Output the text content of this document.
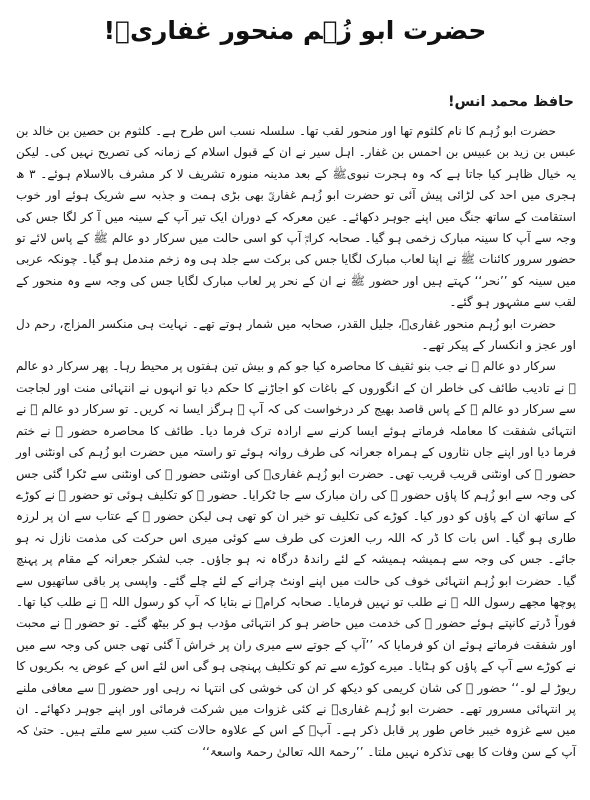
حضرت ابو زُہم منحور غفاریؓ!
حافظ محمد انس!

حضرت ابو زُہم کا نام کلثوم تھا اور منحور لقب تھا۔ سلسلہ نسب اس طرح ہے۔ کلثوم بن حصین بن خالد بن عبس بن زید بن عبیس بن احمس بن غفار۔ اہل سیر نے ان کے قبول اسلام کے زمانہ کی تصریح نہیں کی۔ لیکن یہ خیال ظاہر کیا جاتا ہے کہ وہ ہجرت نبویﷺ کے بعد مدینہ منورہ تشریف لا کر مشرف بالاسلام ہوئے۔ ۳ ھ ہجری میں احد کی لڑائی پیش آئی تو حضرت ابو زُہم غفاریؓ بھی بڑی ہمت و جذبہ سے شریک ہوئے اور خوب استقامت کے ساتھ جنگ میں اپنے جوہر دکھائے۔ عین معرکہ کے دوران ایک تیر آپ کے سینہ میں آ کر لگا جس کی وجہ سے آپ کا سینہ مبارک زخمی ہو گیا۔ صحابہ کرامؓ آپ کو اسی حالت میں سرکار دو عالم ﷺ کے پاس لائے تو حضور سرور کائنات ﷺ نے اپنا لعاب مبارک لگایا جس کی برکت سے جلد ہی وہ زخم مندمل ہو گیا۔ چونکہ عربی میں سینہ کو ’’نحر‘‘ کہتے ہیں اور حضور ﷺ نے ان کے نحر پر لعاب مبارک لگایا جس کی وجہ سے وہ منحور کے لقب سے مشہور ہو گئے۔

حضرت ابو زُہم منحور غفاریؓ، جلیل القدر، صحابہ میں شمار ہوتے تھے۔ نہایت ہی منکسر المزاج، رحم دل اور عجز و انکسار کے پیکر تھے۔

سرکار دو عالم ﷺ نے جب بنو ثقیف کا محاصرہ کیا جو کم و بیش تین ہفتوں پر محیط رہا۔ پھر سرکار دو عالم ﷺ نے تادیب طائف کی خاطر ان کے انگوروں کے باغات کو اجاڑنے کا حکم دیا تو انہوں نے انتہائی منت اور لجاجت سے سرکار دو عالم ﷺ کے پاس قاصد بھیج کر درخواست کی کہ آپ ﷺ ہرگز ایسا نہ کریں۔ تو سرکار دو عالم ﷺ نے انتہائی شفقت کا معاملہ فرماتے ہوئے ایسا کرنے سے ارادہ ترک فرما دیا۔ طائف کا محاصرہ حضور ﷺ نے ختم فرما دیا اور اپنے جاں نثاروں کے ہمراہ جعرانہ کی طرف روانہ ہوئے تو راستہ میں حضرت ابو زُہم کی اونٹنی اور حضور ﷺ کی اونٹنی قریب قریب تھی۔ حضرت ابو زُہم غفاریؓ کی اونٹنی حضور ﷺ کی اونٹنی سے ٹکرا گئی جس کی وجہ سے ابو زُہم کا پاؤں حضور ﷺ کی ران مبارک سے جا ٹکرایا۔ حضور ﷺ کو تکلیف ہوئی تو حضور ﷺ نے کوڑے کے ساتھ ان کے پاؤں کو دور کیا۔ کوڑے کی تکلیف تو خیر ان کو تھی ہی لیکن حضور ﷺ کے عتاب سے ان پر لرزہ طاری ہو گیا۔ اس بات کا ڈر کہ اللہ رب العزت کی طرف سے کوئی میری اس حرکت کی مذمت نازل نہ ہو جائے۔ جس کی وجہ سے ہمیشہ ہمیشہ کے لئے راندۂ درگاہ نہ ہو جاؤں۔ جب لشکر جعرانہ کے مقام پر پہنچ گیا۔ حضرت ابو زُہم انتہائی خوف کی حالت میں اپنے اونٹ چرانے کے لئے چلے گئے۔ واپسی پر باقی ساتھیوں سے پوچھا مجھے رسول اللہ ﷺ نے طلب تو نہیں فرمایا۔ صحابہ کرامؓ نے بتایا کہ آپ کو رسول اللہ ﷺ نے طلب کیا تھا۔ فوراً ڈرتے کانپتے ہوئے حضور ﷺ کی خدمت میں حاضر ہو کر انتہائی مؤدب ہو کر بیٹھ گئے۔ تو حضور ﷺ نے محبت اور شفقت فرماتے ہوئے ان کو فرمایا کہ ’’آپ کے جوتے سے میری ران پر خراش آ گئی تھی جس کی وجہ سے میں نے کوڑے سے آپ کے پاؤں کو ہٹایا۔ میرے کوڑے سے تم کو تکلیف پہنچی ہو گی اس لئے اس کے عوض یہ بکریوں کا ریوڑ لے لو۔‘‘ حضور ﷺ کی شان کریمی کو دیکھ کر ان کی خوشی کی انتہا نہ رہی اور حضور ﷺ سے معافی ملنے پر انتہائی مسرور تھے۔ حضرت ابو زُہم غفاریؓ نے کئی غزوات میں شرکت فرمائی اور اپنے جوہر دکھائے۔ ان میں سے غزوہ خیبر خاص طور پر قابل ذکر ہے۔ آپؓ کے اس کے علاوہ حالات کتب سیر سے ملتے ہیں۔ حتیٰ کہ آپ کے سن وفات کا بھی تذکرہ نہیں ملتا۔ ’’رحمۃ اللہ تعالیٰ رحمۃ واسعۃ‘‘
